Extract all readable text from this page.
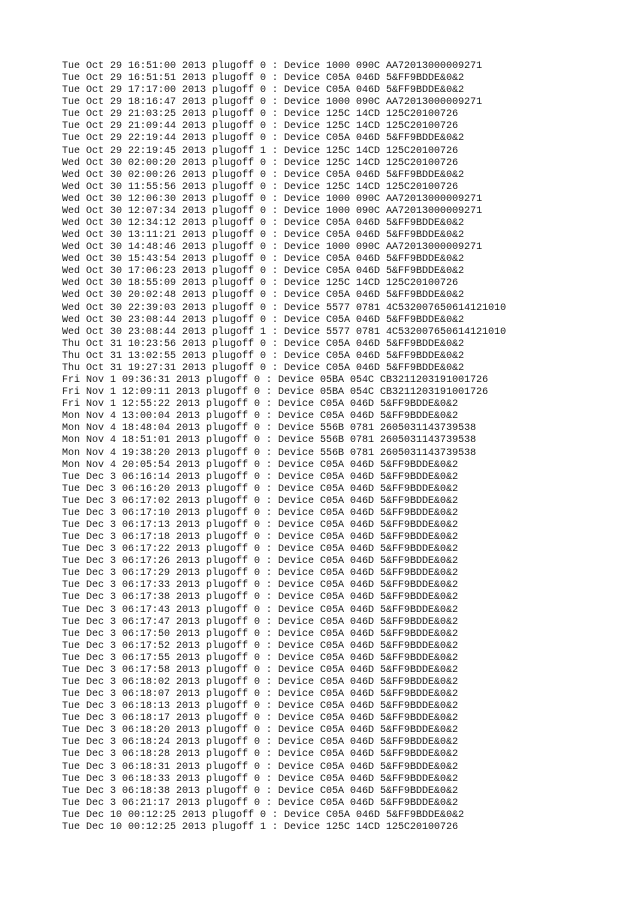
Tue Oct 29 16:51:00 2013 plugoff 0 : Device 1000 090C AA72013000009271
Tue Oct 29 16:51:51 2013 plugoff 0 : Device C05A 046D 5&FF9BDDE&0&2
Tue Oct 29 17:17:00 2013 plugoff 0 : Device C05A 046D 5&FF9BDDE&0&2
Tue Oct 29 18:16:47 2013 plugoff 0 : Device 1000 090C AA72013000009271
Tue Oct 29 21:03:25 2013 plugoff 0 : Device 125C 14CD 125C20100726
Tue Oct 29 21:09:44 2013 plugoff 0 : Device 125C 14CD 125C20100726
Tue Oct 29 22:19:44 2013 plugoff 0 : Device C05A 046D 5&FF9BDDE&0&2
Tue Oct 29 22:19:45 2013 plugoff 1 : Device 125C 14CD 125C20100726
Wed Oct 30 02:00:20 2013 plugoff 0 : Device 125C 14CD 125C20100726
Wed Oct 30 02:00:26 2013 plugoff 0 : Device C05A 046D 5&FF9BDDE&0&2
Wed Oct 30 11:55:56 2013 plugoff 0 : Device 125C 14CD 125C20100726
Wed Oct 30 12:06:30 2013 plugoff 0 : Device 1000 090C AA72013000009271
Wed Oct 30 12:07:34 2013 plugoff 0 : Device 1000 090C AA72013000009271
Wed Oct 30 12:34:12 2013 plugoff 0 : Device C05A 046D 5&FF9BDDE&0&2
Wed Oct 30 13:11:21 2013 plugoff 0 : Device C05A 046D 5&FF9BDDE&0&2
Wed Oct 30 14:48:46 2013 plugoff 0 : Device 1000 090C AA72013000009271
Wed Oct 30 15:43:54 2013 plugoff 0 : Device C05A 046D 5&FF9BDDE&0&2
Wed Oct 30 17:06:23 2013 plugoff 0 : Device C05A 046D 5&FF9BDDE&0&2
Wed Oct 30 18:55:09 2013 plugoff 0 : Device 125C 14CD 125C20100726
Wed Oct 30 20:02:48 2013 plugoff 0 : Device C05A 046D 5&FF9BDDE&0&2
Wed Oct 30 22:39:03 2013 plugoff 0 : Device 5577 0781 4C532007650614121010
Wed Oct 30 23:08:44 2013 plugoff 0 : Device C05A 046D 5&FF9BDDE&0&2
Wed Oct 30 23:08:44 2013 plugoff 1 : Device 5577 0781 4C532007650614121010
Thu Oct 31 10:23:56 2013 plugoff 0 : Device C05A 046D 5&FF9BDDE&0&2
Thu Oct 31 13:02:55 2013 plugoff 0 : Device C05A 046D 5&FF9BDDE&0&2
Thu Oct 31 19:27:31 2013 plugoff 0 : Device C05A 046D 5&FF9BDDE&0&2
Fri Nov 1 09:36:31 2013 plugoff 0 : Device 05BA 054C CB3211203191001726
Fri Nov 1 12:09:11 2013 plugoff 0 : Device 05BA 054C CB3211203191001726
Fri Nov 1 12:55:22 2013 plugoff 0 : Device C05A 046D 5&FF9BDDE&0&2
Mon Nov 4 13:00:04 2013 plugoff 0 : Device C05A 046D 5&FF9BDDE&0&2
Mon Nov 4 18:48:04 2013 plugoff 0 : Device 556B 0781 2605031143739538
Mon Nov 4 18:51:01 2013 plugoff 0 : Device 556B 0781 2605031143739538
Mon Nov 4 19:38:20 2013 plugoff 0 : Device 556B 0781 2605031143739538
Mon Nov 4 20:05:54 2013 plugoff 0 : Device C05A 046D 5&FF9BDDE&0&2
Tue Dec 3 06:16:14 2013 plugoff 0 : Device C05A 046D 5&FF9BDDE&0&2
Tue Dec 3 06:16:20 2013 plugoff 0 : Device C05A 046D 5&FF9BDDE&0&2
Tue Dec 3 06:17:02 2013 plugoff 0 : Device C05A 046D 5&FF9BDDE&0&2
Tue Dec 3 06:17:10 2013 plugoff 0 : Device C05A 046D 5&FF9BDDE&0&2
Tue Dec 3 06:17:13 2013 plugoff 0 : Device C05A 046D 5&FF9BDDE&0&2
Tue Dec 3 06:17:18 2013 plugoff 0 : Device C05A 046D 5&FF9BDDE&0&2
Tue Dec 3 06:17:22 2013 plugoff 0 : Device C05A 046D 5&FF9BDDE&0&2
Tue Dec 3 06:17:26 2013 plugoff 0 : Device C05A 046D 5&FF9BDDE&0&2
Tue Dec 3 06:17:29 2013 plugoff 0 : Device C05A 046D 5&FF9BDDE&0&2
Tue Dec 3 06:17:33 2013 plugoff 0 : Device C05A 046D 5&FF9BDDE&0&2
Tue Dec 3 06:17:38 2013 plugoff 0 : Device C05A 046D 5&FF9BDDE&0&2
Tue Dec 3 06:17:43 2013 plugoff 0 : Device C05A 046D 5&FF9BDDE&0&2
Tue Dec 3 06:17:47 2013 plugoff 0 : Device C05A 046D 5&FF9BDDE&0&2
Tue Dec 3 06:17:50 2013 plugoff 0 : Device C05A 046D 5&FF9BDDE&0&2
Tue Dec 3 06:17:52 2013 plugoff 0 : Device C05A 046D 5&FF9BDDE&0&2
Tue Dec 3 06:17:55 2013 plugoff 0 : Device C05A 046D 5&FF9BDDE&0&2
Tue Dec 3 06:17:58 2013 plugoff 0 : Device C05A 046D 5&FF9BDDE&0&2
Tue Dec 3 06:18:02 2013 plugoff 0 : Device C05A 046D 5&FF9BDDE&0&2
Tue Dec 3 06:18:07 2013 plugoff 0 : Device C05A 046D 5&FF9BDDE&0&2
Tue Dec 3 06:18:13 2013 plugoff 0 : Device C05A 046D 5&FF9BDDE&0&2
Tue Dec 3 06:18:17 2013 plugoff 0 : Device C05A 046D 5&FF9BDDE&0&2
Tue Dec 3 06:18:20 2013 plugoff 0 : Device C05A 046D 5&FF9BDDE&0&2
Tue Dec 3 06:18:24 2013 plugoff 0 : Device C05A 046D 5&FF9BDDE&0&2
Tue Dec 3 06:18:28 2013 plugoff 0 : Device C05A 046D 5&FF9BDDE&0&2
Tue Dec 3 06:18:31 2013 plugoff 0 : Device C05A 046D 5&FF9BDDE&0&2
Tue Dec 3 06:18:33 2013 plugoff 0 : Device C05A 046D 5&FF9BDDE&0&2
Tue Dec 3 06:18:38 2013 plugoff 0 : Device C05A 046D 5&FF9BDDE&0&2
Tue Dec 3 06:21:17 2013 plugoff 0 : Device C05A 046D 5&FF9BDDE&0&2
Tue Dec 10 00:12:25 2013 plugoff 0 : Device C05A 046D 5&FF9BDDE&0&2
Tue Dec 10 00:12:25 2013 plugoff 1 : Device 125C 14CD 125C20100726
